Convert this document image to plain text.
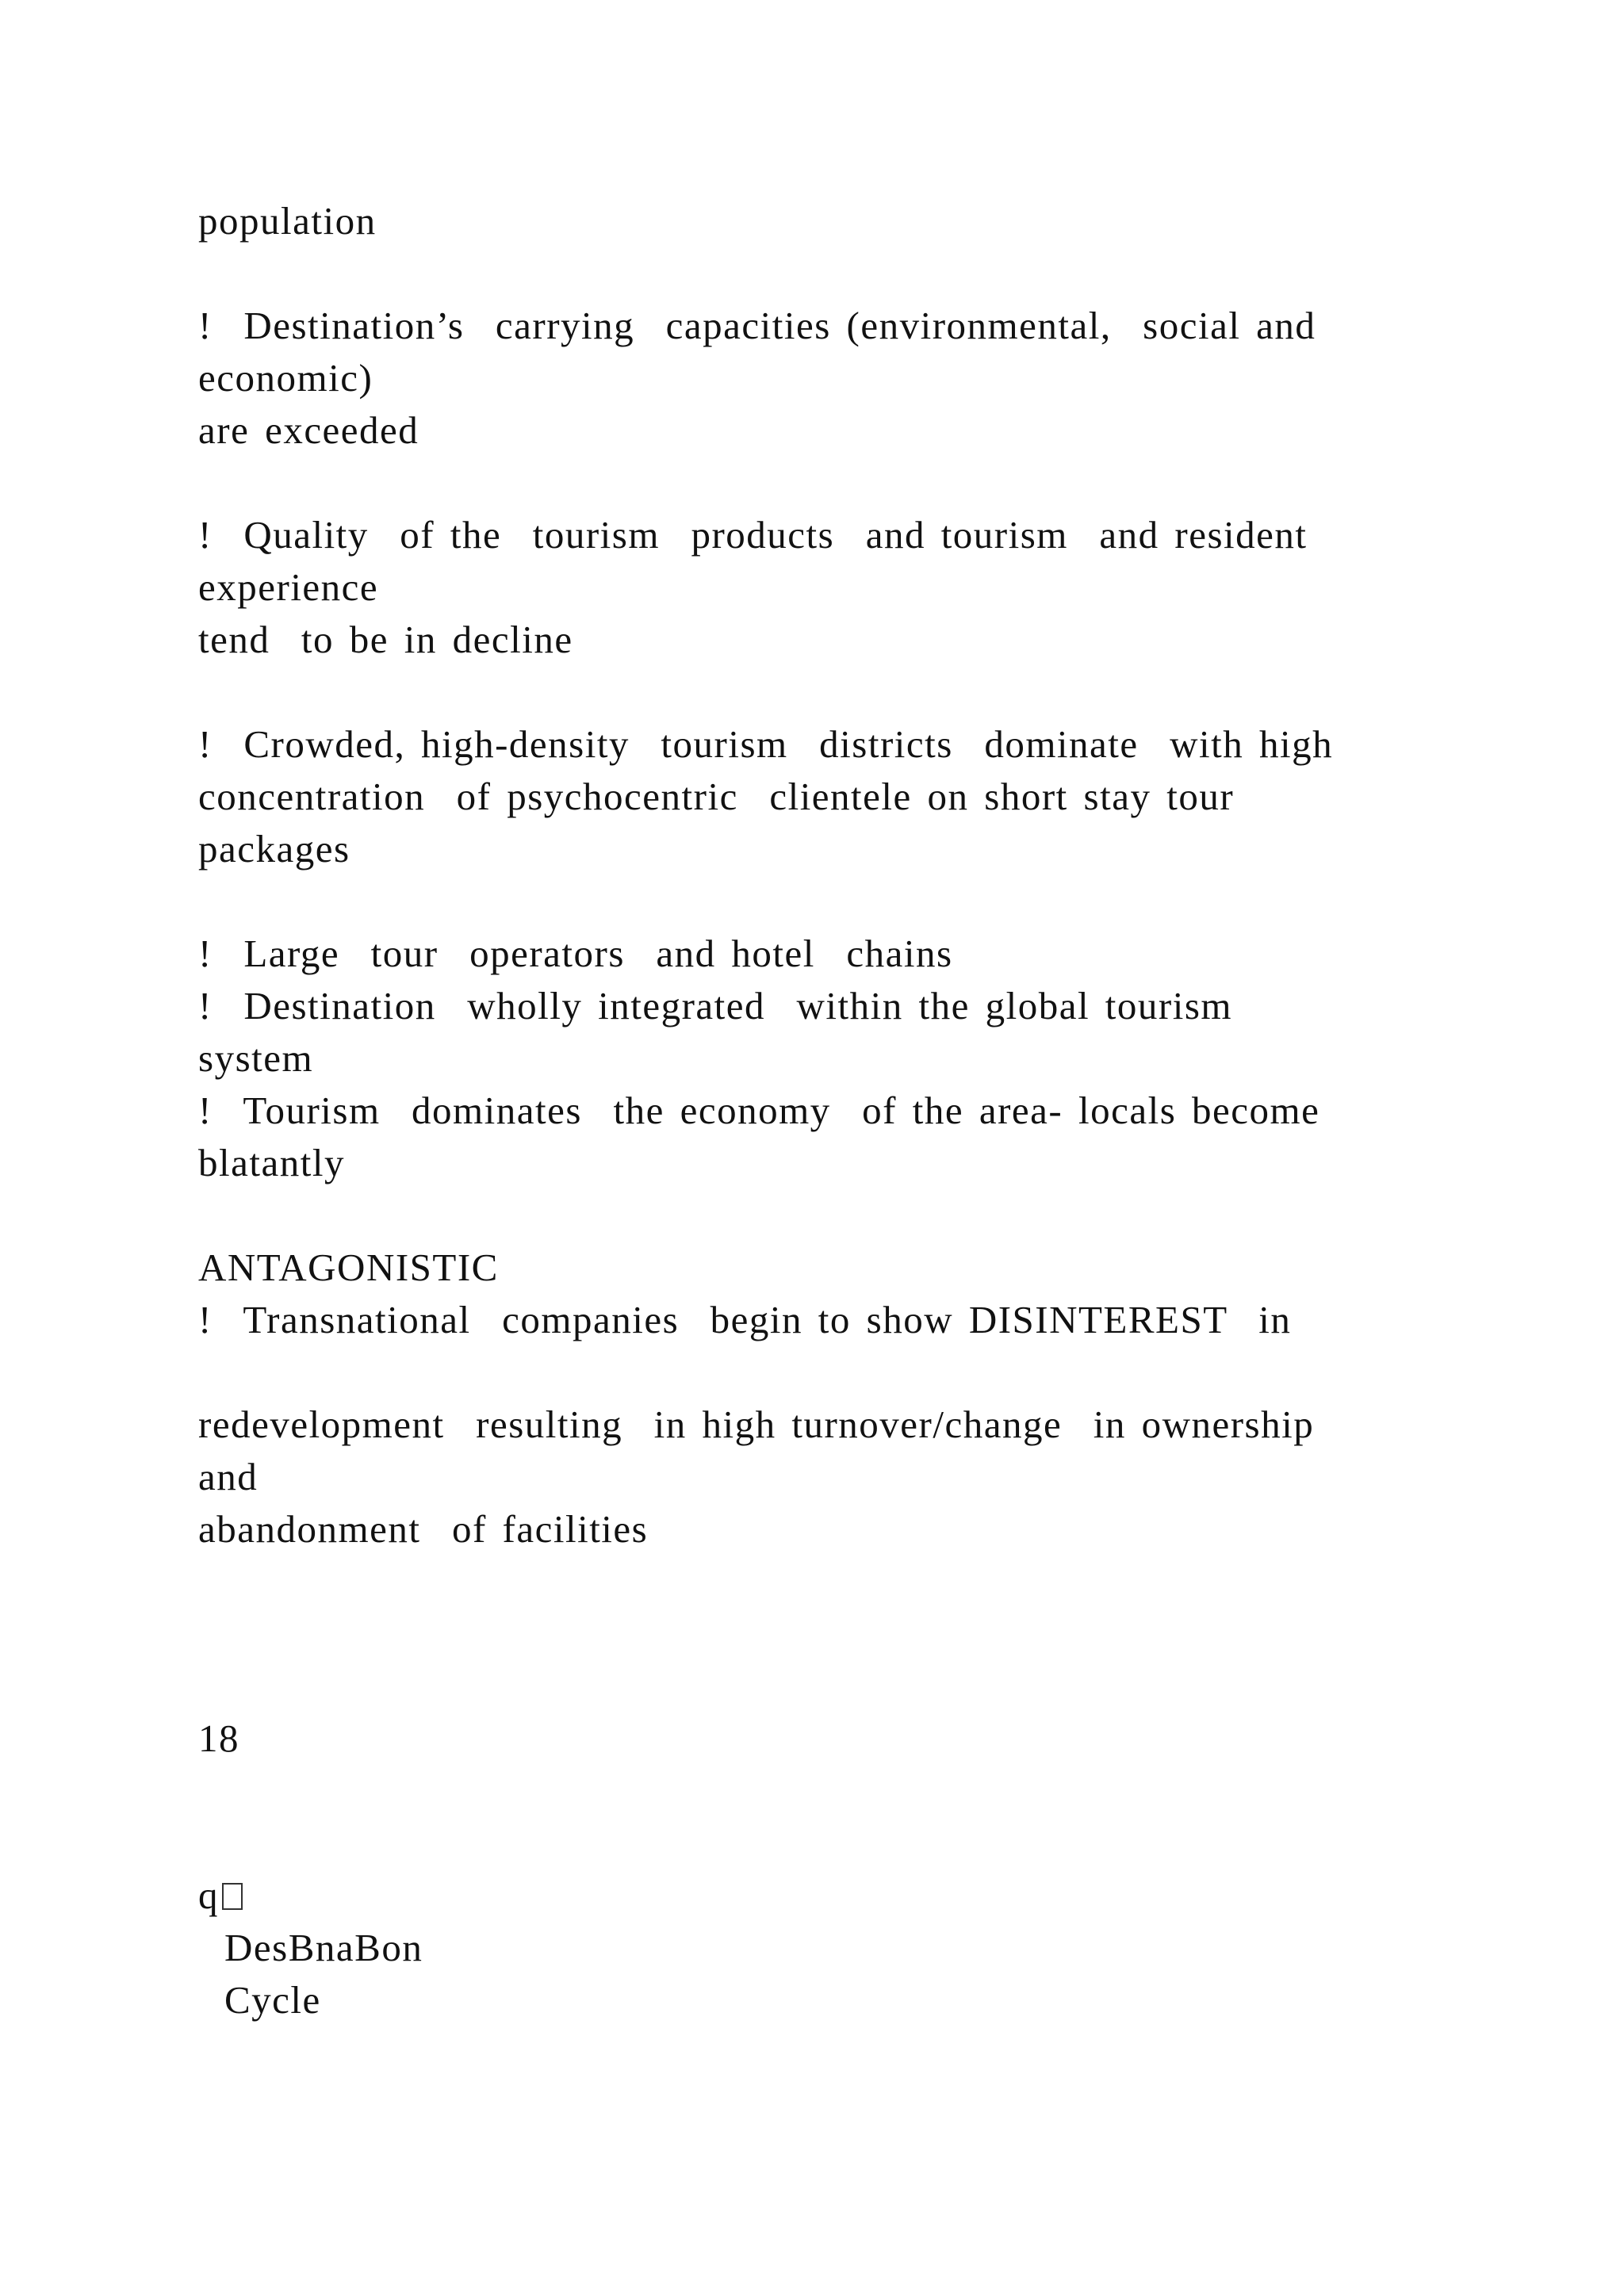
population
!  Destination’s  carrying  capacities (environmental,  social and
economic)
are exceeded
!  Quality  of the  tourism  products  and tourism  and resident
experience
tend  to be in decline
!  Crowded, high-density  tourism  districts  dominate  with high
concentration  of psychocentric  clientele on short stay tour
packages
!  Large  tour  operators  and hotel  chains
!  Destination  wholly integrated  within the global tourism
system
!  Tourism  dominates  the economy  of the area- locals become
blatantly
ANTAGONISTIC
!  Transnational  companies  begin to show DISINTEREST  in
redevelopment  resulting  in high turnover/change  in ownership
and
abandonment  of facilities
18
q
DesBnaBon
Cycle
